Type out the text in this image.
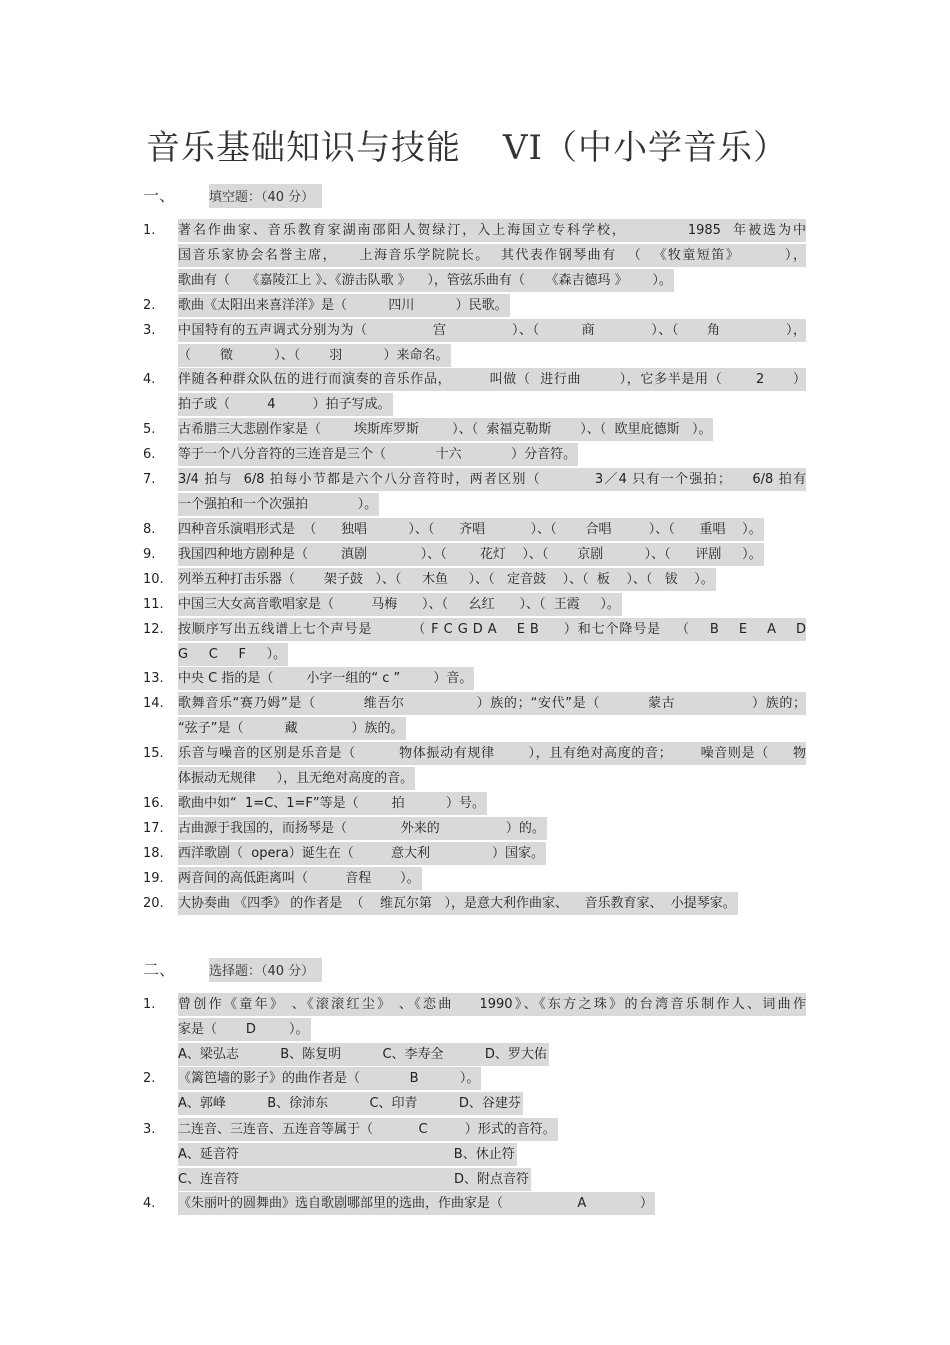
音乐基础知识与技能 VI（中小学音乐）
一、	填空题：（40 分）
1.	著名作曲家、音乐教育家湖南邵阳人贺绿汀，入上海国立专科学校，          1985  年被选为中
国音乐家协会名誉主席，    上海音乐学院院长。  其代表作钢琴曲有  （  《牧童短笛》        ），
歌曲有（    《嘉陵江上 》、《游击队歌 》    ），管弦乐曲有（     《森吉德玛 》      ）。
2.	歌曲《太阳出来喜洋洋》是（          四川          ）民歌。
3.	中国特有的五声调式分别为为（              宫              ）、（         商            ）、（      角              ），
（       徵          ）、（       羽          ）来命名。
4.	伴随各种群众队伍的进行而演奏的音乐作品，        叫做（  进行曲        ），它多半是用（       2      ）
拍子或（         4         ）拍子写成。
5.	古希腊三大悲剧作家是（        埃斯库罗斯        ）、（  索福克勒斯       ）、（  欧里庇德斯   ）。
6.	等于一个八分音符的三连音是三个（            十六            ）分音符。
7.	3/4 拍与  6/8 拍每小节都是六个八分音符时，两者区别（          3／4 只有一个强拍；    6/8 拍有
一个强拍和一个次强拍            ）。
8.	四种音乐演唱形式是  （      独唱          ）、（      齐唱           ）、（       合唱         ）、（      重唱    ）。
9.	我国四种地方剧种是（        滇剧             ）、（        花灯    ）、（       京剧          ）、（      评剧     ）。
10.	列举五种打击乐器（       架子鼓   ）、（     木鱼     ）、（   定音鼓    ）、（  板    ）、（   钹    ）。
11.	中国三大女高音歌唱家是（         马梅      ）、（     幺红      ）、（  王霞     ）。
12.	按顺序写出五线谱上七个声号是        （ F C G D A    E B     ）和七个降号是   （    B    E    A    D
G     C     F     ）。
13.	中央 C 指的是（        小字一组的“ c ”        ）音。
14.	歌舞音乐“赛乃姆”是（          维吾尔               ）族的；“安代”是（          蒙古                ）族的；
“弦子”是（          藏             ）族的。
15.	乐音与噪音的区别是乐音是（         物体振动有规律       ），且有绝对高度的音；      噪音则是（     物
体振动无规律     ），且无绝对高度的音。
16.	歌曲中如“  1=C、1=F”等是（        拍          ）号。
17.	古曲源于我国的，而扬琴是（             外来的                ）的。
18.	西洋歌剧（  opera）诞生在（         意大利               ）国家。
19.	两音间的高低距离叫（         音程       ）。
20.	大协奏曲 《四季》 的作者是  （    维瓦尔第   ），是意大利作曲家、    音乐教育家、  小提琴家。
二、	选择题：（40 分）
1.	曾创作《童年》 、《滚滚红尘》 、《恋曲    1990》、《东方之珠》的台湾音乐制作人、词曲作
家是（       D        ）。
A、梁弘志          B、陈复明          C、李寿全          D、罗大佑
2.	《篱笆墙的影子》的曲作者是（            B          ）。
A、郭峰          B、徐沛东          C、印青          D、谷建芬
3.	二连音、三连音、五连音等属于（           C         ）形式的音符。
A、延音符                                                    B、休止符
C、连音符                                                    D、附点音符
4.	《朱丽叶的圆舞曲》选自歌剧哪部里的选曲，作曲家是（                  A             ）
